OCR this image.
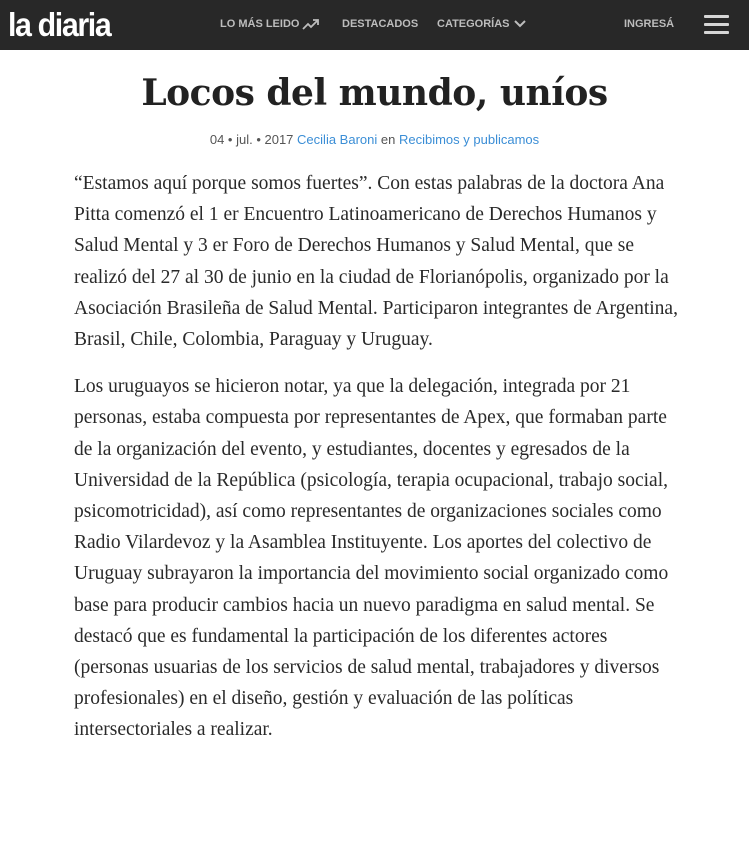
la diaria	LO MÁS LEIDO	DESTACADOS CATEGORÍAS	INGRESÁ
Locos del mundo, uníos
04 • jul. • 2017 Cecilia Baroni en Recibimos y publicamos

“Estamos aquí porque somos fuertes”. Con estas palabras de la doctora Ana Pitta comenzó el 1 er Encuentro Latinoamericano de Derechos Humanos y Salud Mental y 3 er Foro de Derechos Humanos y Salud Mental, que se realizó del 27 al 30 de junio en la ciudad de Florianópolis, organizado por la Asociación Brasileña de Salud Mental. Participaron integrantes de Argentina, Brasil, Chile, Colombia, Paraguay y Uruguay.

Los uruguayos se hicieron notar, ya que la delegación, integrada por 21 personas, estaba compuesta por representantes de Apex, que formaban parte de la organización del evento, y estudiantes, docentes y egresados de la Universidad de la República (psicología, terapia ocupacional, trabajo social, psicomotricidad), así como representantes de organizaciones sociales como Radio Vilardevoz y la Asamblea Instituyente. Los aportes del colectivo de Uruguay subrayaron la importancia del movimiento social organizado como base para producir cambios hacia un nuevo paradigma en salud mental. Se destacó que es fundamental la participación de los diferentes actores (personas usuarias de los servicios de salud mental, trabajadores y diversos profesionales) en el diseño, gestión y evaluación de las políticas intersectoriales a realizar.
